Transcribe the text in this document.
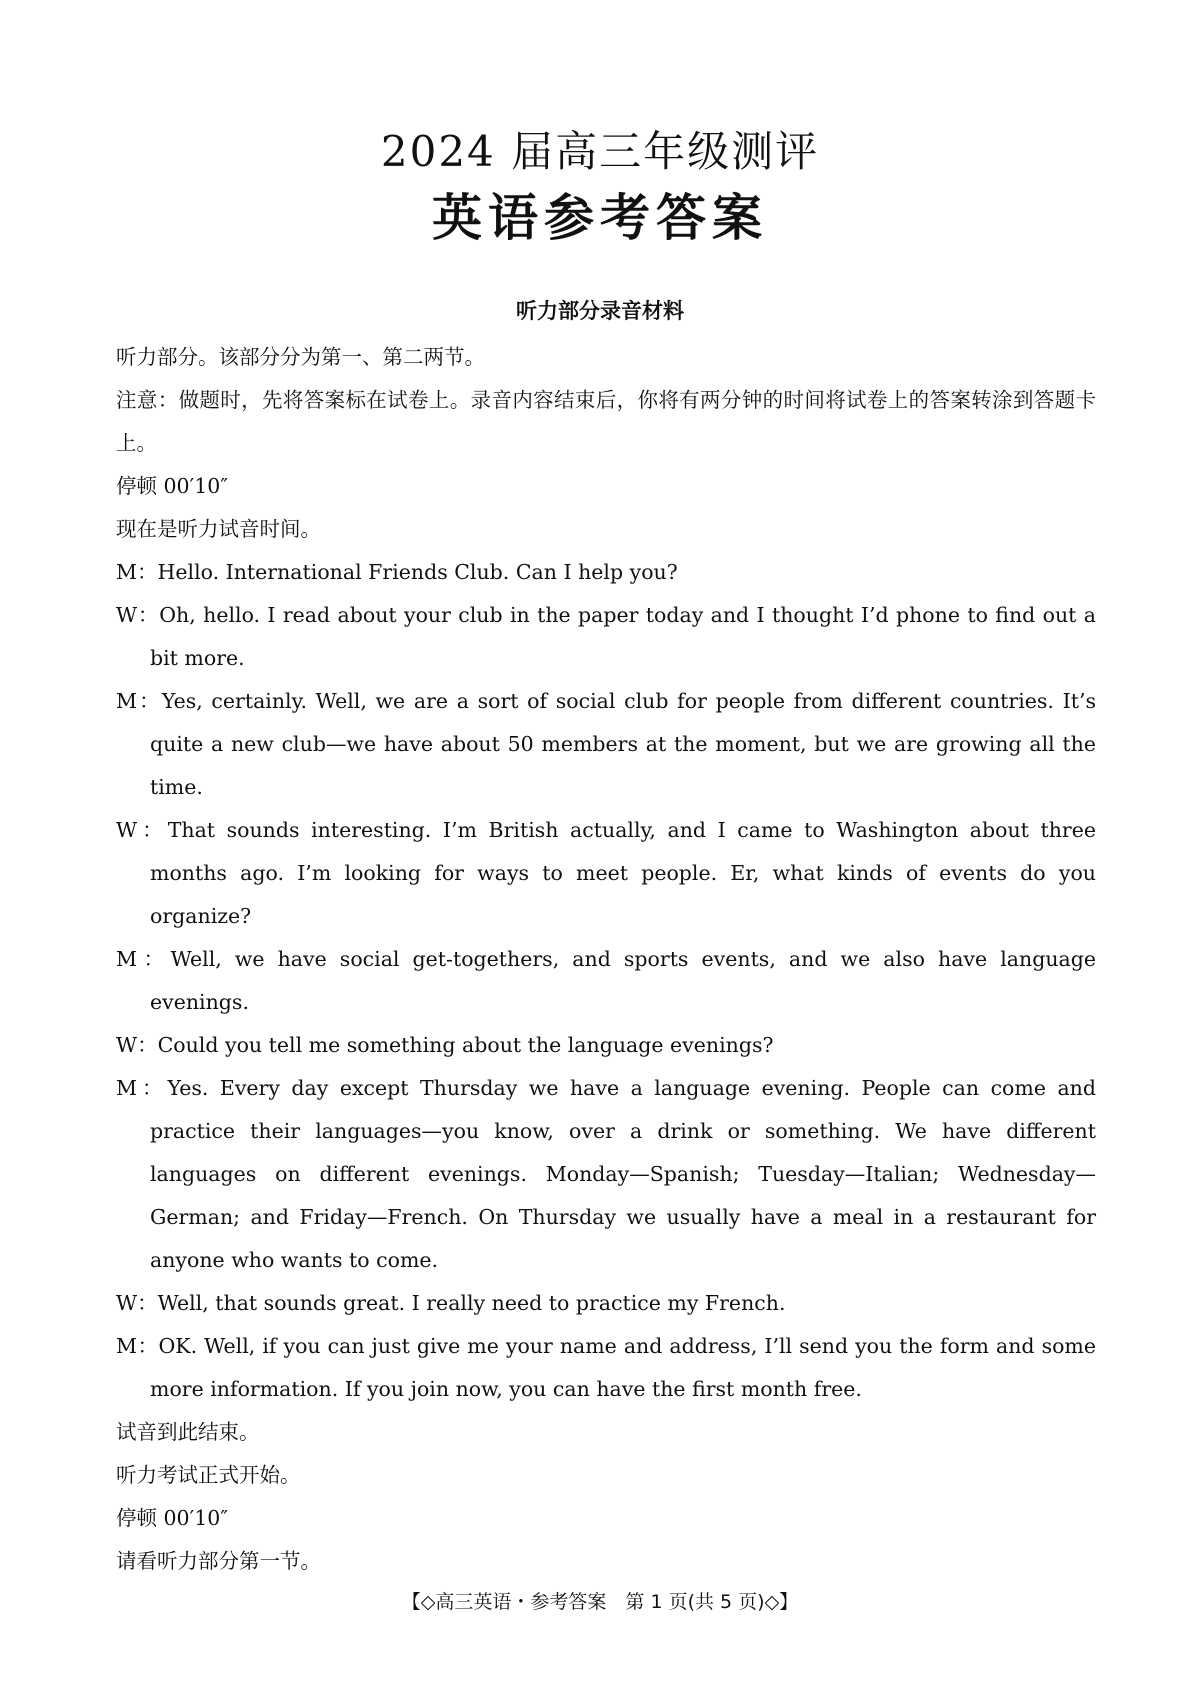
2024 届高三年级测评
英语参考答案
听力部分录音材料

听力部分。该部分分为第一、第二两节。

注意：做题时，先将答案标在试卷上。录音内容结束后，你将有两分钟的时间将试卷上的答案转涂到答题卡上。

停顿 00′10″

现在是听力试音时间。

M：Hello. International Friends Club. Can I help you?

W：Oh, hello. I read about your club in the paper today and I thought I’d phone to find out a bit more.

M：Yes, certainly. Well, we are a sort of social club for people from different countries. It’s quite a new club—we have about 50 members at the moment, but we are growing all the time.

W：That sounds interesting. I’m British actually, and I came to Washington about three months ago. I’m looking for ways to meet people. Er, what kinds of events do you organize?

M：Well, we have social get-togethers, and sports events, and we also have language evenings.

W：Could you tell me something about the language evenings?

M：Yes. Every day except Thursday we have a language evening. People can come and practice their languages—you know, over a drink or something. We have different languages on different evenings. Monday—Spanish; Tuesday—Italian; Wednesday—German; and Friday—French. On Thursday we usually have a meal in a restaurant for anyone who wants to come.

W：Well, that sounds great. I really need to practice my French.

M：OK. Well, if you can just give me your name and address, I’ll send you the form and some more information. If you join now, you can have the first month free.

试音到此结束。

听力考试正式开始。

停顿 00′10″

请看听力部分第一节。

【◇高三英语・参考答案　第 1 页(共 5 页)◇】
